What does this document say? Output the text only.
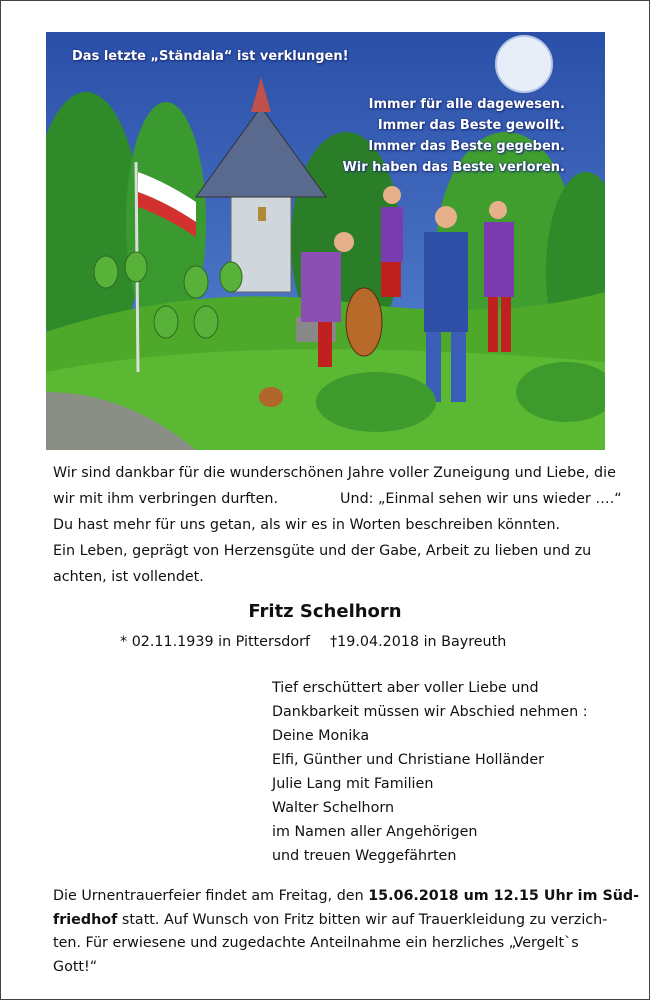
Das letzte „Ständala“ ist verklungen!
Immer für alle dagewesen.
Immer das Beste gewollt.
Immer das Beste gegeben.
Wir haben das Beste verloren.
Wir sind dankbar für die wunderschönen Jahre voller Zuneigung und Liebe, die
wir mit ihm verbringen durften.	Und: „Einmal sehen wir uns wieder ….“
Du hast mehr für uns getan, als wir es in Worten beschreiben könnten.
Ein Leben, geprägt von Herzensgüte und der Gabe, Arbeit zu lieben und zu
achten, ist vollendet.
Fritz Schelhorn
* 02.11.1939 in Pittersdorf †19.04.2018 in Bayreuth
Tief erschüttert aber voller Liebe und
Dankbarkeit müssen wir Abschied nehmen :
Deine Monika
Elfi, Günther und Christiane Holländer
Julie Lang mit Familien
Walter Schelhorn
im Namen aller Angehörigen
und treuen Weggefährten
Die Urnentrauerfeier findet am Freitag, den 15.06.2018 um 12.15 Uhr im Süd-
friedhof statt. Auf Wunsch von Fritz bitten wir auf Trauerkleidung zu verzich-
ten. Für erwiesene und zugedachte Anteilnahme ein herzliches „Vergelt`s
Gott!“
